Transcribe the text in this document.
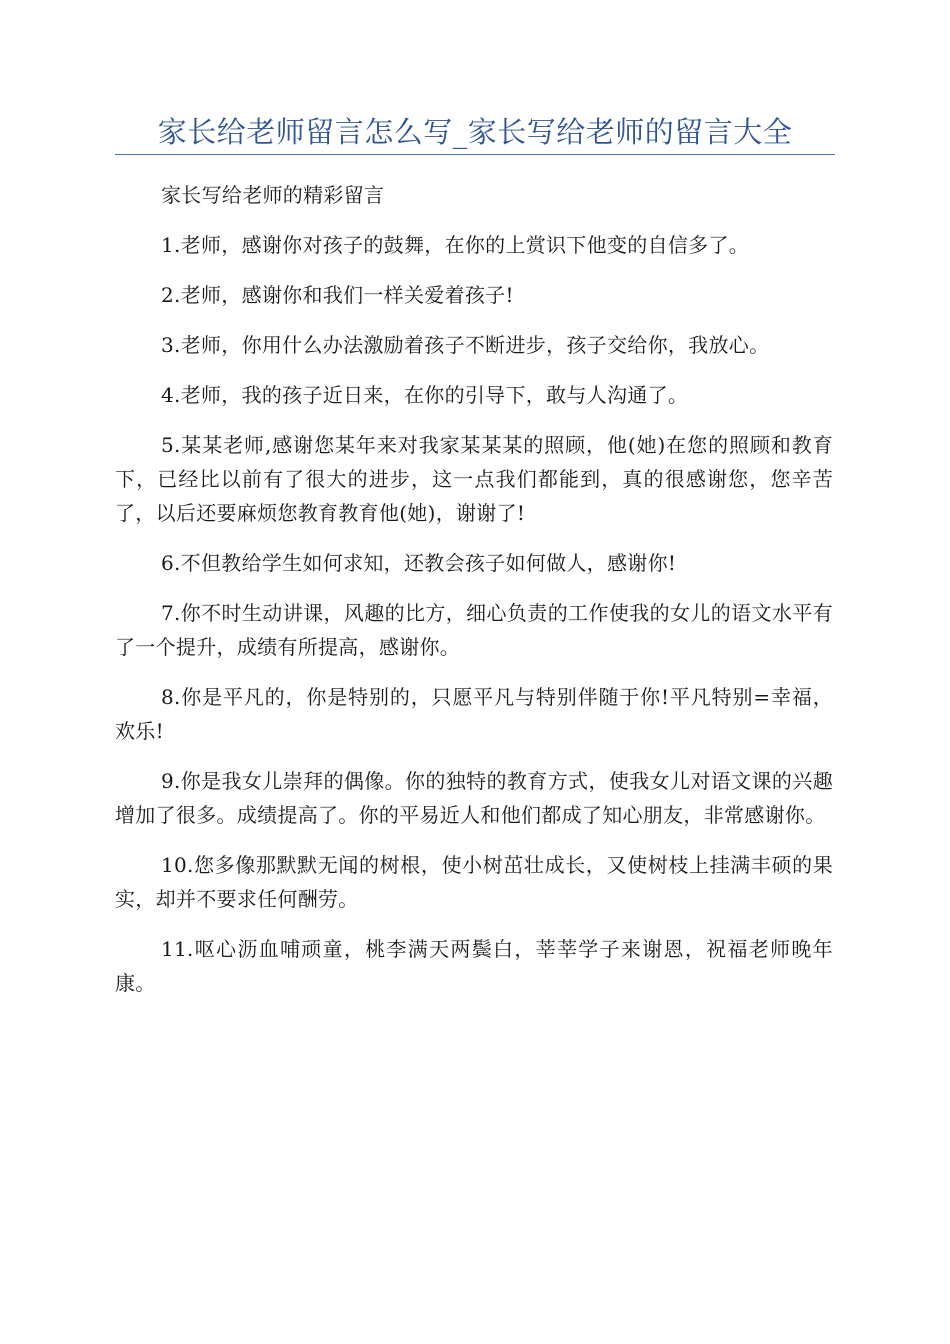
家长给老师留言怎么写_家长写给老师的留言大全

家长写给老师的精彩留言

1.老师，感谢你对孩子的鼓舞，在你的上赏识下他变的自信多了。

2.老师，感谢你和我们一样关爱着孩子!

3.老师，你用什么办法激励着孩子不断进步，孩子交给你，我放心。

4.老师，我的孩子近日来，在你的引导下，敢与人沟通了。

5.某某老师,感谢您某年来对我家某某某的照顾，他(她)在您的照顾和教育下，已经比以前有了很大的进步，这一点我们都能到，真的很感谢您，您辛苦了，以后还要麻烦您教育教育他(她)，谢谢了!

6.不但教给学生如何求知，还教会孩子如何做人，感谢你!

7.你不时生动讲课，风趣的比方，细心负责的工作使我的女儿的语文水平有了一个提升，成绩有所提高，感谢你。

8.你是平凡的，你是特别的，只愿平凡与特别伴随于你!平凡特别=幸福，欢乐!

9.你是我女儿崇拜的偶像。你的独特的教育方式，使我女儿对语文课的兴趣增加了很多。成绩提高了。你的平易近人和他们都成了知心朋友，非常感谢你。

10.您多像那默默无闻的树根，使小树茁壮成长，又使树枝上挂满丰硕的果实，却并不要求任何酬劳。

11.呕心沥血哺顽童，桃李满天两鬓白，莘莘学子来谢恩，祝福老师晚年康。
